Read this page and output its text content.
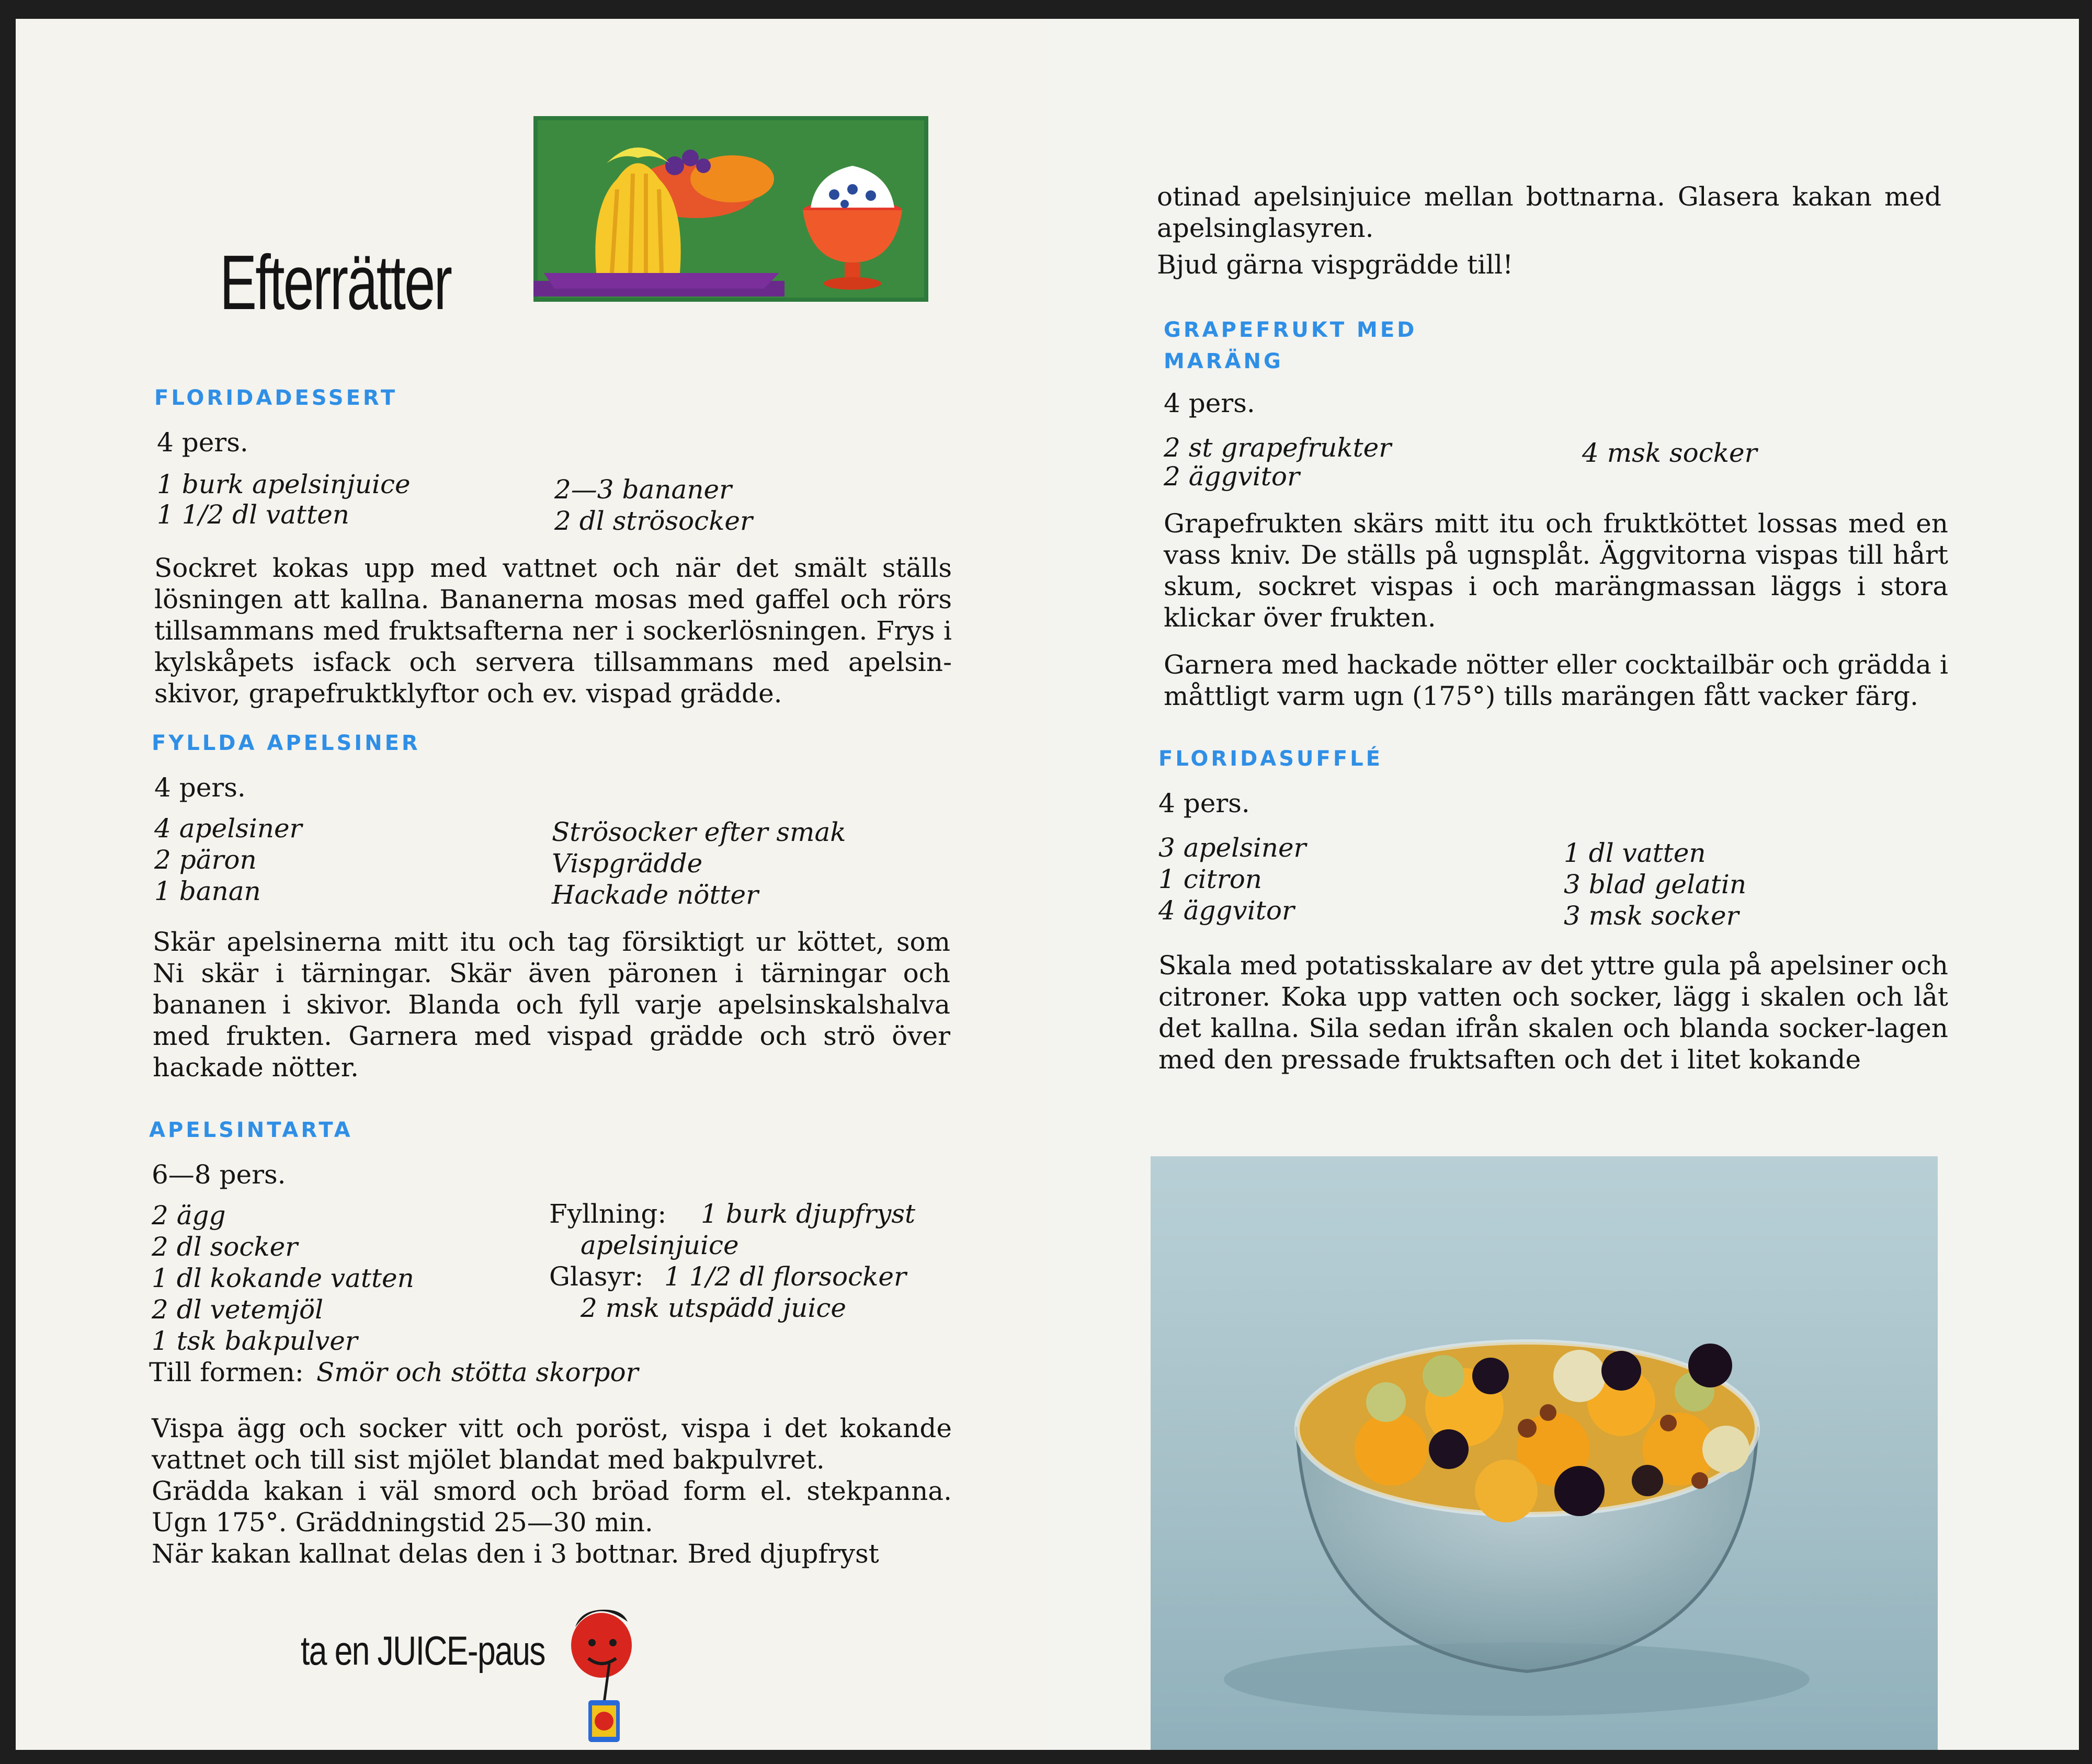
Efterrätter
FLORIDADESSERT
4 pers.
1 burk apelsinjuice
1 1/2 dl vatten
2—3 bananer
2 dl strösocker
Sockret kokas upp med vattnet och när det smält ställs lösningen att kallna. Bananerna mosas med gaffel och rörs tillsammans med fruktsafterna ner i sockerlösningen. Frys i kylskåpets isfack och servera tillsammans med apelsin-skivor, grapefruktklyftor och ev. vispad grädde.
FYLLDA APELSINER
4 pers.
4 apelsiner
2 päron
1 banan
Strösocker efter smak
Vispgrädde
Hackade nötter
Skär apelsinerna mitt itu och tag försiktigt ur köttet, som Ni skär i tärningar. Skär även päronen i tärningar och bananen i skivor. Blanda och fyll varje apelsinskalshalva med frukten. Garnera med vispad grädde och strö över hackade nötter.
APELSINTARTA
6—8 pers.
2 ägg
2 dl socker
1 dl kokande vatten
2 dl vetemjöl
1 tsk bakpulver
Fyllning: 1 burk djupfryst
apelsinjuice
Glasyr: 1 1/2 dl florsocker
2 msk utspädd juice
Till formen: Smör och stötta skorpor
Vispa ägg och socker vitt och poröst, vispa i det kokande vattnet och till sist mjölet blandat med bakpulvret.
Grädda kakan i väl smord och bröad form el. stekpanna. Ugn 175°. Gräddningstid 25—30 min.
När kakan kallnat delas den i 3 bottnar. Bred djupfryst
ta en JUICE-paus
otinad apelsinjuice mellan bottnarna. Glasera kakan med apelsinglasyren.
Bjud gärna vispgrädde till!
GRAPEFRUKT MED
MARÄNG
4 pers.
2 st grapefrukter
2 äggvitor
4 msk socker
Grapefrukten skärs mitt itu och fruktköttet lossas med en vass kniv. De ställs på ugnsplåt. Äggvitorna vispas till hårt skum, sockret vispas i och marängmassan läggs i stora klickar över frukten.
Garnera med hackade nötter eller cocktailbär och grädda i måttligt varm ugn (175°) tills marängen fått vacker färg.
FLORIDASUFFLÉ
4 pers.
3 apelsiner
1 citron
4 äggvitor
1 dl vatten
3 blad gelatin
3 msk socker
Skala med potatisskalare av det yttre gula på apelsiner och citroner. Koka upp vatten och socker, lägg i skalen och låt det kallna. Sila sedan ifrån skalen och blanda socker-lagen med den pressade fruktsaften och det i litet kokande
